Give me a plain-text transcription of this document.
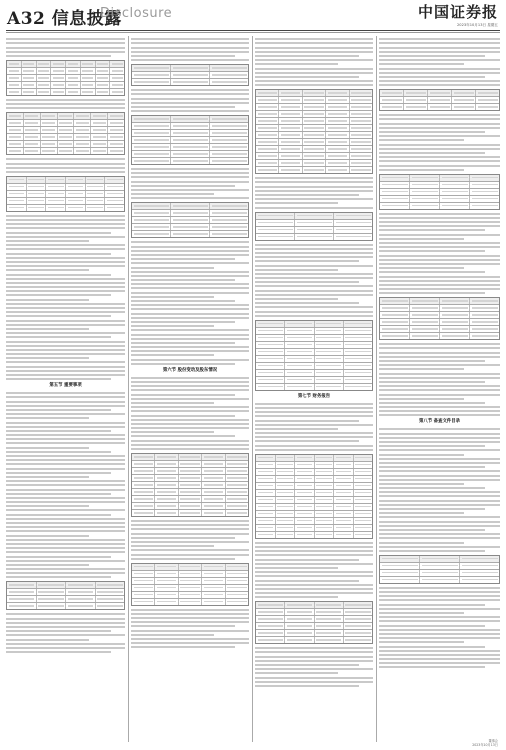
A32 信息披露
Disclosure	中国证券报
2023年10月13日 星期五
第五节 重要事项
第六节 股份变动及股东情况
第七节 财务报告
第八节 备查文件目录
董事会
2023年10月13日
